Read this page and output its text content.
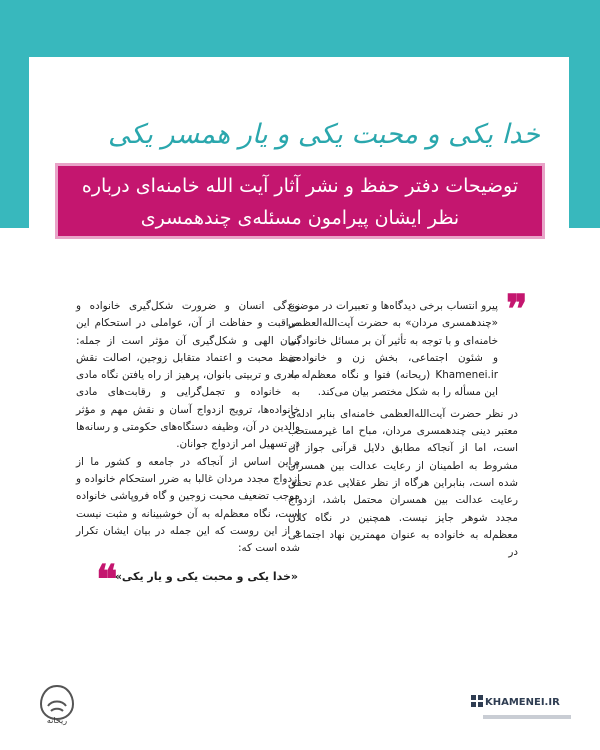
خدا یکی و محبت یکی و یار همسر یکی
توضیحات دفتر حفظ و نشر آثار آیت الله خامنه‌ای درباره
نظر ایشان پیرامون مسئله‌ی چندهمسری
❞

پیرو انتساب برخی دیدگاه‌ها و تعبیرات در موضوع «چندهمسری مردان» به حضرت آیت‌الله‌العظمی خامنه‌ای و با توجه به تأثیر آن بر مسائل خانوادگی و شئون اجتماعی، بخش زن و خانواده‌ی Khamenei.ir (ریحانه) فتوا و نگاه معظم‌له به این مسأله را به شکل مختصر بیان می‌کند.

در نظر حضرت آیت‌الله‌العظمی خامنه‌ای بنابر ادله‌ی معتبر دینی چندهمسری مردان، مباح اما غیرمستحب است، اما از آنجاکه مطابق دلایل قرآنی جواز آن مشروط به اطمینان از رعایت عدالت بین همسران شده است، بنابراین هرگاه از نظر عقلایی عدم تحقق رعایت عدالت بین همسران محتمل باشد، ازدواج مجدد شوهر جایز نیست. همچنین در نگاه کلان معظم‌له به خانواده به عنوان مهمترین نهاد اجتماعی در

زندگی انسان و ضرورت شکل‌گیری خانواده و مراقبت و حفاظت از آن، عواملی در استحکام این بنیان الهی و شکل‌گیری آن مؤثر است از جمله: حفظ محبت و اعتماد متقابل زوجین، اصالت نقش مادری و تربیتی بانوان، پرهیز از راه یافتن نگاه مادی به خانواده و تجمل‌گرایی و رقابت‌های مادی خانواده‌ها، ترویج ازدواج آسان و نقش مهم و مؤثر والدین در آن، وظیفه دستگاه‌های حکومتی و رسانه‌ها در تسهیل امر ازدواج جوانان.

براین اساس از آنجاکه در جامعه و کشور ما از ازدواج مجدد مردان غالبا به ضرر استحکام خانواده و موجب تضعیف محبت زوجین و گاه فروپاشی خانواده است، نگاه معظم‌له به آن خوشبینانه و مثبت نیست و از این روست که این جمله در بیان ایشان تکرار شده است که:

«خدا یکی و محبت یکی و یار یکی»
❝
ریحانه
KHAMENEI.IR
